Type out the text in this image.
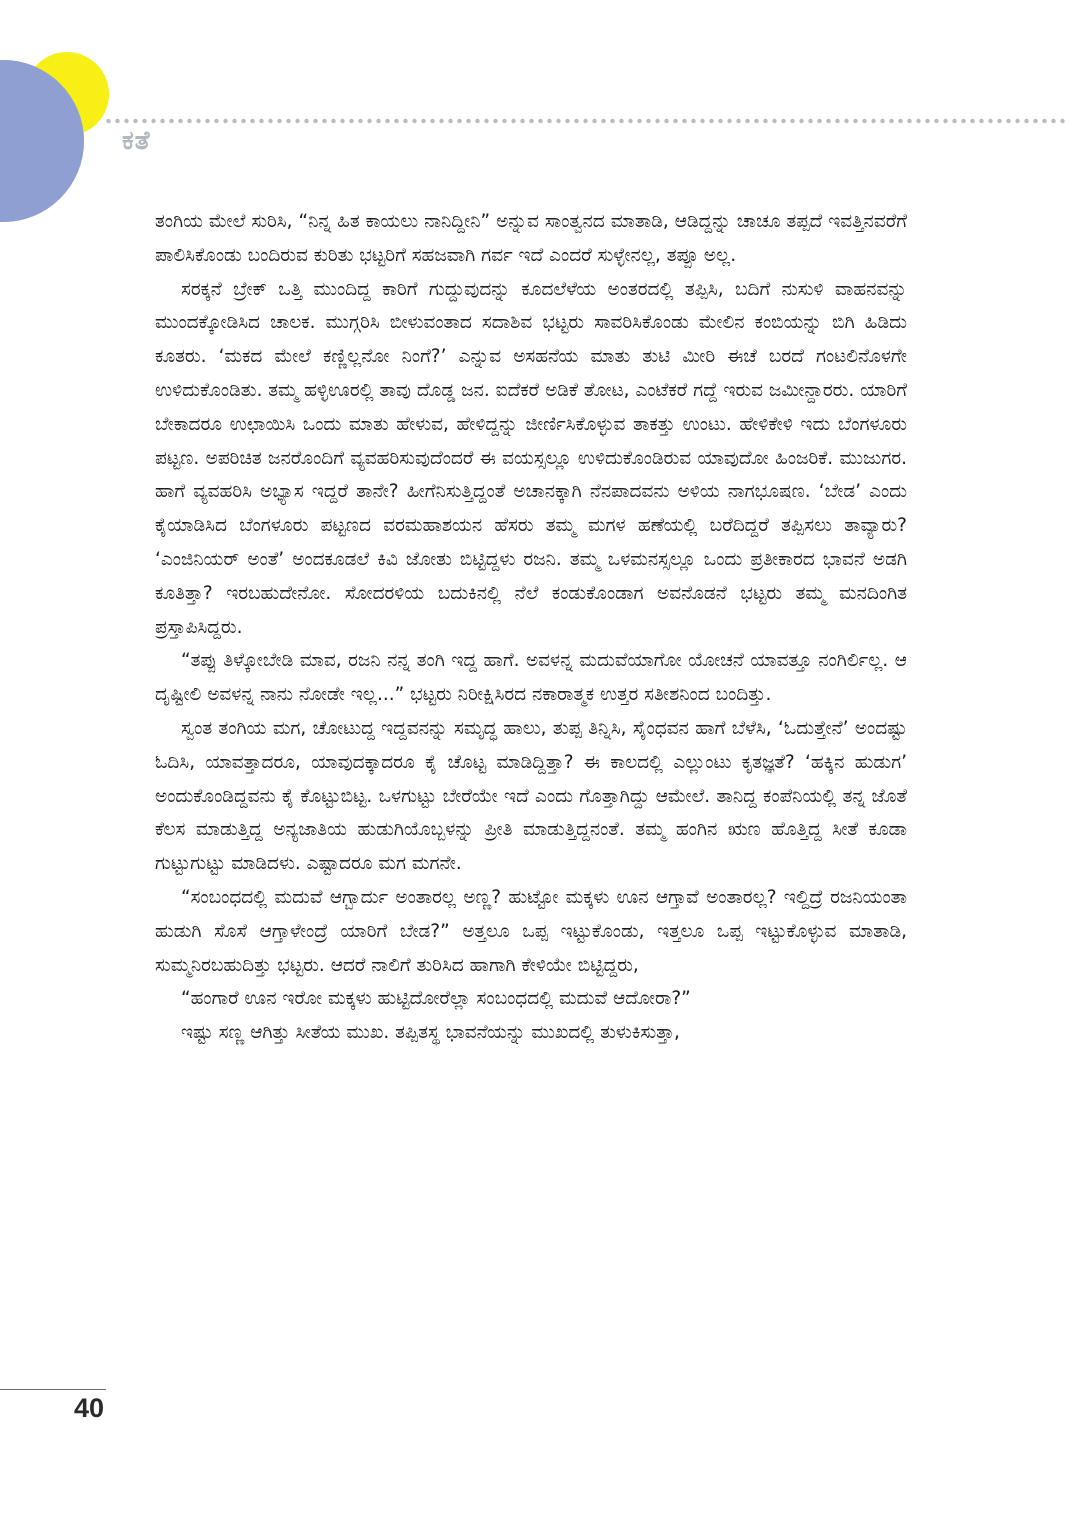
ಕತೆ

ತಂಗಿಯ ಮೇಲೆ ಸುರಿಸಿ, “ನಿನ್ನ ಹಿತ ಕಾಯಲು ನಾನಿದ್ದೀನಿ” ಅನ್ನುವ ಸಾಂತ್ವನದ ಮಾತಾಡಿ, ಆಡಿದ್ದನ್ನು ಚಾಚೂ ತಪ್ಪದೆ ಇವತ್ತಿನವರೆಗೆ ಪಾಲಿಸಿಕೊಂಡು ಬಂದಿರುವ ಕುರಿತು ಭಟ್ಟರಿಗೆ ಸಹಜವಾಗಿ ಗರ್ವ ಇದೆ ಎಂದರೆ ಸುಳ್ಳೇನಲ್ಲ, ತಪ್ಪೂ ಅಲ್ಲ.

ಸರಕ್ಕನೆ ಬ್ರೇಕ್ ಒತ್ತಿ ಮುಂದಿದ್ದ ಕಾರಿಗೆ ಗುದ್ದುವುದನ್ನು ಕೂದಲೆಳೆಯ ಅಂತರದಲ್ಲಿ ತಪ್ಪಿಸಿ, ಬದಿಗೆ ನುಸುಳಿ ವಾಹನವನ್ನು ಮುಂದಕ್ಕೋಡಿಸಿದ ಚಾಲಕ. ಮುಗ್ಗರಿಸಿ ಬೀಳುವಂತಾದ ಸದಾಶಿವ ಭಟ್ಟರು ಸಾವರಿಸಿಕೊಂಡು ಮೇಲಿನ ಕಂಬಿಯನ್ನು ಬಿಗಿ ಹಿಡಿದು ಕೂತರು. ‘ಮಕದ ಮೇಲೆ ಕಣ್ಣಿಲ್ಲನೋ ನಿಂಗೆ?’ ಎನ್ನುವ ಅಸಹನೆಯ ಮಾತು ತುಟಿ ಮೀರಿ ಈಚೆ ಬರದೆ ಗಂಟಲಿನೊಳಗೇ ಉಳಿದುಕೊಂಡಿತು. ತಮ್ಮ ಹಳ್ಳಿಊರಲ್ಲಿ ತಾವು ದೊಡ್ಡ ಜನ. ಐದೆಕರೆ ಅಡಿಕೆ ತೋಟ, ಎಂಟೆಕರೆ ಗದ್ದೆ ಇರುವ ಜಮೀನ್ದಾರರು. ಯಾರಿಗೆ ಬೇಕಾದರೂ ಉಛಾಯಿಸಿ ಒಂದು ಮಾತು ಹೇಳುವ, ಹೇಳಿದ್ದನ್ನು ಜೀರ್ಣಿಸಿಕೊಳ್ಳುವ ತಾಕತ್ತು ಉಂಟು. ಹೇಳಿಕೇಳಿ ಇದು ಬೆಂಗಳೂರು ಪಟ್ಟಣ. ಅಪರಿಚಿತ ಜನರೊಂದಿಗೆ ವ್ಯವಹರಿಸುವುದೆಂದರೆ ಈ ವಯಸ್ಸಲ್ಲೂ ಉಳಿದುಕೊಂಡಿರುವ ಯಾವುದೋ ಹಿಂಜರಿಕೆ. ಮುಜುಗರ. ಹಾಗೆ ವ್ಯವಹರಿಸಿ ಅಭ್ಯಾಸ ಇದ್ದರೆ ತಾನೇ? ಹೀಗೆನಿಸುತ್ತಿದ್ದಂತೆ ಅಚಾನಕ್ಕಾಗಿ ನೆನಪಾದವನು ಅಳಿಯ ನಾಗಭೂಷಣ. ‘ಬೇಡ’ ಎಂದು ಕೈಯಾಡಿಸಿದ ಬೆಂಗಳೂರು ಪಟ್ಟಣದ ವರಮಹಾಶಯನ ಹೆಸರು ತಮ್ಮ ಮಗಳ ಹಣೆಯಲ್ಲಿ ಬರೆದಿದ್ದರೆ ತಪ್ಪಿಸಲು ತಾವ್ಯಾರು? ‘ಎಂಜಿನಿಯರ್ ಅಂತೆ’ ಅಂದಕೂಡಲೆ ಕಿವಿ ಜೋತು ಬಿಟ್ಟಿದ್ದಳು ರಜನಿ. ತಮ್ಮ ಒಳಮನಸ್ಸಲ್ಲೂ ಒಂದು ಪ್ರತೀಕಾರದ ಭಾವನೆ ಅಡಗಿ ಕೂತಿತ್ತಾ? ಇರಬಹುದೇನೋ. ಸೋದರಳಿಯ ಬದುಕಿನಲ್ಲಿ ನೆಲೆ ಕಂಡುಕೊಂಡಾಗ ಅವನೊಡನೆ ಭಟ್ಟರು ತಮ್ಮ ಮನದಿಂಗಿತ ಪ್ರಸ್ತಾಪಿಸಿದ್ದರು.

“ತಪ್ಪು ತಿಳ್ಕೋಬೇಡಿ ಮಾವ, ರಜನಿ ನನ್ನ ತಂಗಿ ಇದ್ದ ಹಾಗೆ. ಅವಳನ್ನ ಮದುವೆಯಾಗೋ ಯೋಚನೆ ಯಾವತ್ತೂ ನಂಗಿರ್ಲಿಲ್ಲ. ಆ ದೃಷ್ಟೀಲಿ ಅವಳನ್ನ ನಾನು ನೋಡೇ ಇಲ್ಲ...” ಭಟ್ಟರು ನಿರೀಕ್ಷಿಸಿರದ ನಕಾರಾತ್ಮಕ ಉತ್ತರ ಸತೀಶನಿಂದ ಬಂದಿತ್ತು.

ಸ್ವಂತ ತಂಗಿಯ ಮಗ, ಚೋಟುದ್ದ ಇದ್ದವನನ್ನು ಸಮೃದ್ಧ ಹಾಲು, ತುಪ್ಪ ತಿನ್ನಿಸಿ, ಸೈಂಧವನ ಹಾಗೆ ಬೆಳೆಸಿ, ‘ಓದುತ್ತೇನೆ’ ಅಂದಷ್ಟು ಓದಿಸಿ, ಯಾವತ್ತಾದರೂ, ಯಾವುದಕ್ಕಾದರೂ ಕೈ ಚೊಟ್ಟ ಮಾಡಿದ್ದಿತ್ತಾ? ಈ ಕಾಲದಲ್ಲಿ ಎಲ್ಲುಂಟು ಕೃತಜ್ಞತೆ? ‘ಹಕ್ಕಿನ ಹುಡುಗ’ ಅಂದುಕೊಂಡಿದ್ದವನು ಕೈ ಕೊಟ್ಟುಬಿಟ್ಟ. ಒಳಗುಟ್ಟು ಬೇರೆಯೇ ಇದೆ ಎಂದು ಗೊತ್ತಾಗಿದ್ದು ಆಮೇಲೆ. ತಾನಿದ್ದ ಕಂಪೆನಿಯಲ್ಲಿ ತನ್ನ ಜೊತೆ ಕೆಲಸ ಮಾಡುತ್ತಿದ್ದ ಅನ್ಯಜಾತಿಯ ಹುಡುಗಿಯೊಬ್ಬಳನ್ನು ಪ್ರೀತಿ ಮಾಡುತ್ತಿದ್ದನಂತೆ. ತಮ್ಮ ಹಂಗಿನ ಋಣ ಹೊತ್ತಿದ್ದ ಸೀತೆ ಕೂಡಾ ಗುಟ್ಟುಗುಟ್ಟು ಮಾಡಿದಳು. ಎಷ್ಟಾದರೂ ಮಗ ಮಗನೇ.

“ಸಂಬಂಧದಲ್ಲಿ ಮದುವೆ ಆಗ್ಬಾರ್ದು ಅಂತಾರಲ್ಲ ಅಣ್ಣ? ಹುಟ್ಟೋ ಮಕ್ಕಳು ಊನ ಆಗ್ತಾವೆ ಅಂತಾರಲ್ಲ? ಇಲ್ದಿದ್ರೆ ರಜನಿಯಂತಾ ಹುಡುಗಿ ಸೊಸೆ ಆಗ್ತಾಳೇಂದ್ರೆ ಯಾರಿಗೆ ಬೇಡ?” ಅತ್ತಲೂ ಒಪ್ಪ ಇಟ್ಟುಕೊಂಡು, ಇತ್ತಲೂ ಒಪ್ಪ ಇಟ್ಟುಕೊಳ್ಳುವ ಮಾತಾಡಿ, ಸುಮ್ಮನಿರಬಹುದಿತ್ತು ಭಟ್ಟರು. ಆದರೆ ನಾಲಿಗೆ ತುರಿಸಿದ ಹಾಗಾಗಿ ಕೇಳಿಯೇ ಬಿಟ್ಟಿದ್ದರು,

“ಹಂಗಾರೆ ಊನ ಇರೋ ಮಕ್ಕಳು ಹುಟ್ಟಿದೋರೆಲ್ಲಾ ಸಂಬಂಧದಲ್ಲಿ ಮದುವೆ ಆದೋರಾ?”

ಇಷ್ಟು ಸಣ್ಣ ಆಗಿತ್ತು ಸೀತೆಯ ಮುಖ. ತಪ್ಪಿತಸ್ಥ ಭಾವನೆಯನ್ನು ಮುಖದಲ್ಲಿ ತುಳುಕಿಸುತ್ತಾ,

40
